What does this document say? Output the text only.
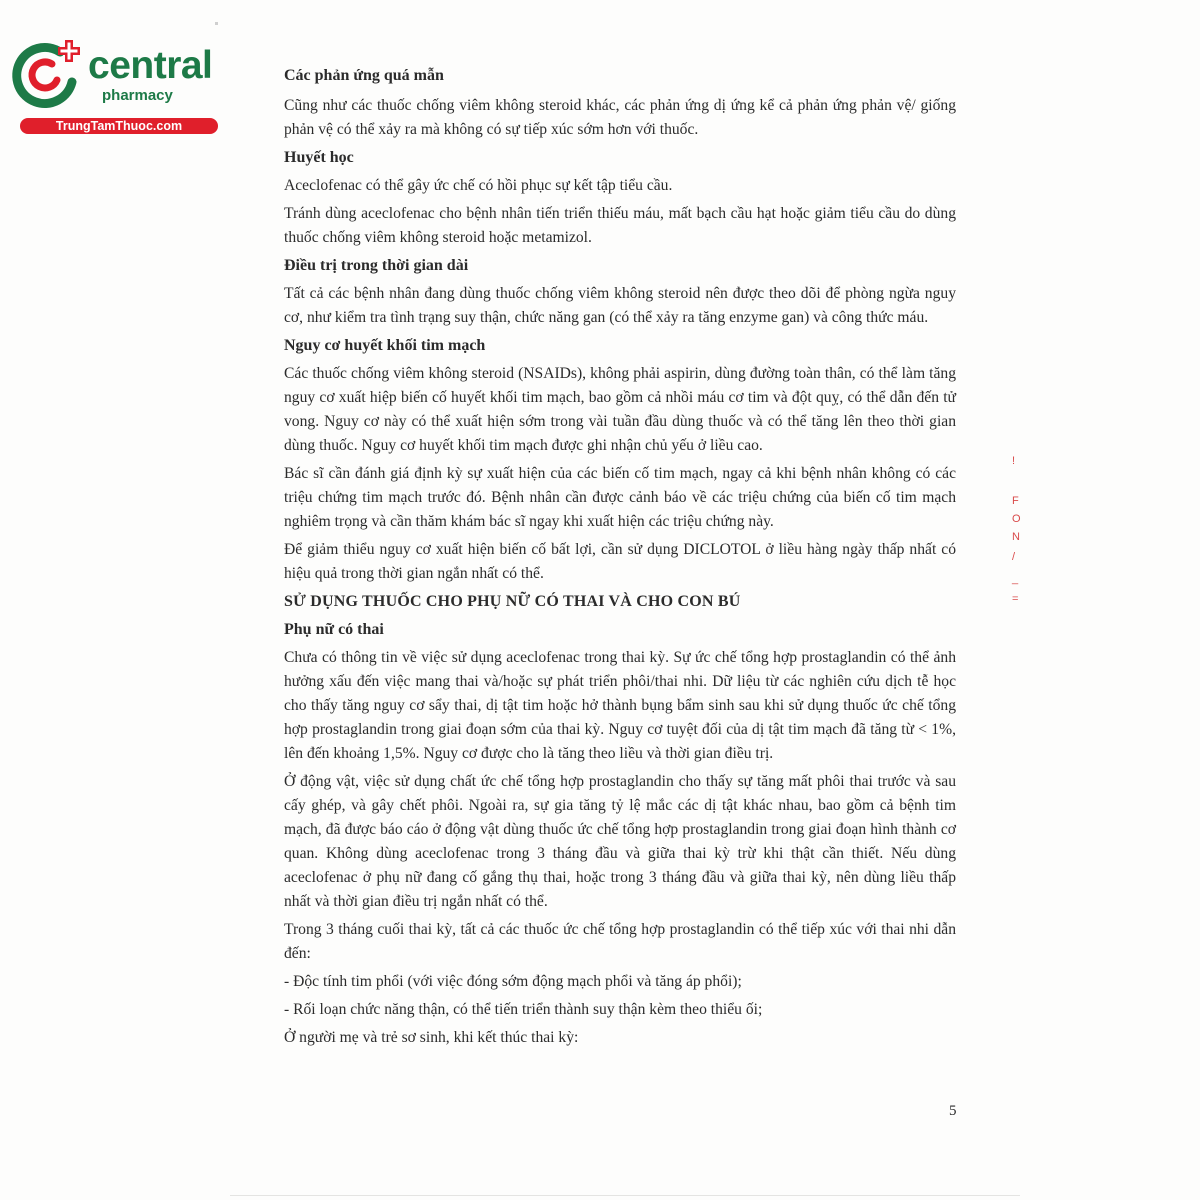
central
pharmacy
TrungTamThuoc.com

Các phản ứng quá mẫn

Cũng như các thuốc chống viêm không steroid khác, các phản ứng dị ứng kể cả phản ứng phản vệ/ giống phản vệ có thể xảy ra mà không có sự tiếp xúc sớm hơn với thuốc.

Huyết học

Aceclofenac có thể gây ức chế có hồi phục sự kết tập tiểu cầu.

Tránh dùng aceclofenac cho bệnh nhân tiến triển thiếu máu, mất bạch cầu hạt hoặc giảm tiểu cầu do dùng thuốc chống viêm không steroid hoặc metamizol.

Điều trị trong thời gian dài

Tất cả các bệnh nhân đang dùng thuốc chống viêm không steroid nên được theo dõi để phòng ngừa nguy cơ, như kiểm tra tình trạng suy thận, chức năng gan (có thể xảy ra tăng enzyme gan) và công thức máu.

Nguy cơ huyết khối tim mạch

Các thuốc chống viêm không steroid (NSAIDs), không phải aspirin, dùng đường toàn thân, có thể làm tăng nguy cơ xuất hiệp biến cố huyết khối tim mạch, bao gồm cả nhồi máu cơ tim và đột quỵ, có thể dẫn đến tử vong. Nguy cơ này có thể xuất hiện sớm trong vài tuần đầu dùng thuốc và có thể tăng lên theo thời gian dùng thuốc. Nguy cơ huyết khối tim mạch được ghi nhận chủ yếu ở liều cao.

Bác sĩ cần đánh giá định kỳ sự xuất hiện của các biến cố tim mạch, ngay cả khi bệnh nhân không có các triệu chứng tim mạch trước đó. Bệnh nhân cần được cảnh báo về các triệu chứng của biến cố tim mạch nghiêm trọng và cần thăm khám bác sĩ ngay khi xuất hiện các triệu chứng này.

Để giảm thiểu nguy cơ xuất hiện biến cố bất lợi, cần sử dụng DICLOTOL ở liều hàng ngày thấp nhất có hiệu quả trong thời gian ngắn nhất có thể.

SỬ DỤNG THUỐC CHO PHỤ NỮ CÓ THAI VÀ CHO CON BÚ

Phụ nữ có thai

Chưa có thông tin về việc sử dụng aceclofenac trong thai kỳ. Sự ức chế tổng hợp prostaglandin có thể ảnh hưởng xấu đến việc mang thai và/hoặc sự phát triển phôi/thai nhi. Dữ liệu từ các nghiên cứu dịch tễ học cho thấy tăng nguy cơ sẩy thai, dị tật tim hoặc hở thành bụng bẩm sinh sau khi sử dụng thuốc ức chế tổng hợp prostaglandin trong giai đoạn sớm của thai kỳ. Nguy cơ tuyệt đối của dị tật tim mạch đã tăng từ < 1%, lên đến khoảng 1,5%. Nguy cơ được cho là tăng theo liều và thời gian điều trị.

Ở động vật, việc sử dụng chất ức chế tổng hợp prostaglandin cho thấy sự tăng mất phôi thai trước và sau cấy ghép, và gây chết phôi. Ngoài ra, sự gia tăng tỷ lệ mắc các dị tật khác nhau, bao gồm cả bệnh tim mạch, đã được báo cáo ở động vật dùng thuốc ức chế tổng hợp prostaglandin trong giai đoạn hình thành cơ quan. Không dùng aceclofenac trong 3 tháng đầu và giữa thai kỳ trừ khi thật cần thiết. Nếu dùng aceclofenac ở phụ nữ đang cố gắng thụ thai, hoặc trong 3 tháng đầu và giữa thai kỳ, nên dùng liều thấp nhất và thời gian điều trị ngắn nhất có thể.

Trong 3 tháng cuối thai kỳ, tất cả các thuốc ức chế tổng hợp prostaglandin có thể tiếp xúc với thai nhi dẫn đến:

- Độc tính tim phổi (với việc đóng sớm động mạch phổi và tăng áp phổi);

- Rối loạn chức năng thận, có thể tiến triển thành suy thận kèm theo thiểu ối;

Ở người mẹ và trẻ sơ sinh, khi kết thúc thai kỳ:

5
!
F
O
N
/
_
=
